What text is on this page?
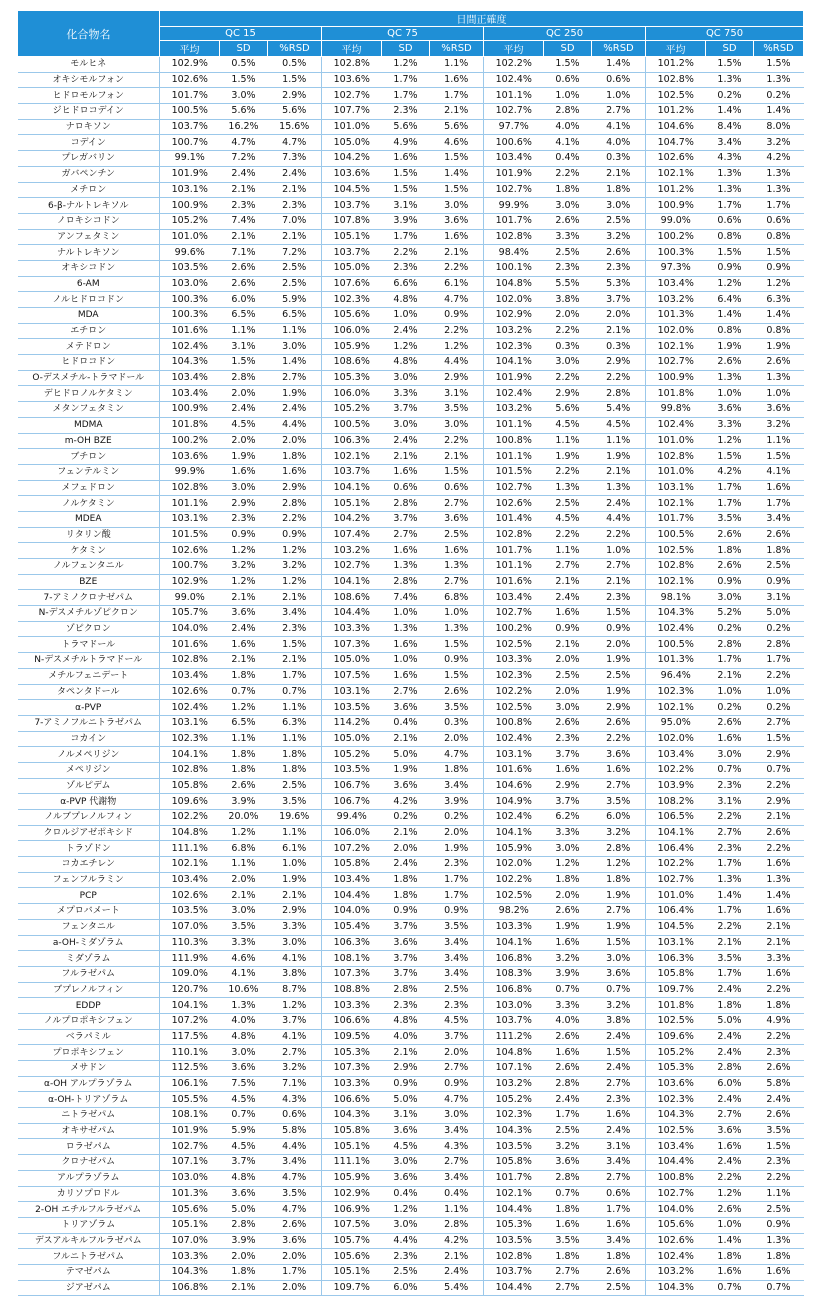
化合物名	日間正確度											
	QC 15			QC 75			QC 250			QC 750		
	平均	SD	%RSD	平均	SD	%RSD	平均	SD	%RSD	平均	SD	%RSD
モルヒネ	102.9%	0.5%	0.5%	102.8%	1.2%	1.1%	102.2%	1.5%	1.4%	101.2%	1.5%	1.5%
オキシモルフォン	102.6%	1.5%	1.5%	103.6%	1.7%	1.6%	102.4%	0.6%	0.6%	102.8%	1.3%	1.3%
ヒドロモルフォン	101.7%	3.0%	2.9%	102.7%	1.7%	1.7%	101.1%	1.0%	1.0%	102.5%	0.2%	0.2%
ジヒドロコデイン	100.5%	5.6%	5.6%	107.7%	2.3%	2.1%	102.7%	2.8%	2.7%	101.2%	1.4%	1.4%
ナロキソン	103.7%	16.2%	15.6%	101.0%	5.6%	5.6%	97.7%	4.0%	4.1%	104.6%	8.4%	8.0%
コデイン	100.7%	4.7%	4.7%	105.0%	4.9%	4.6%	100.6%	4.1%	4.0%	104.7%	3.4%	3.2%
プレガバリン	99.1%	7.2%	7.3%	104.2%	1.6%	1.5%	103.4%	0.4%	0.3%	102.6%	4.3%	4.2%
ガバペンチン	101.9%	2.4%	2.4%	103.6%	1.5%	1.4%	101.9%	2.2%	2.1%	102.1%	1.3%	1.3%
メチロン	103.1%	2.1%	2.1%	104.5%	1.5%	1.5%	102.7%	1.8%	1.8%	101.2%	1.3%	1.3%
6-β-ナルトレキソル	100.9%	2.3%	2.3%	103.7%	3.1%	3.0%	99.9%	3.0%	3.0%	100.9%	1.7%	1.7%
ノロキシコドン	105.2%	7.4%	7.0%	107.8%	3.9%	3.6%	101.7%	2.6%	2.5%	99.0%	0.6%	0.6%
アンフェタミン	101.0%	2.1%	2.1%	105.1%	1.7%	1.6%	102.8%	3.3%	3.2%	100.2%	0.8%	0.8%
ナルトレキソン	99.6%	7.1%	7.2%	103.7%	2.2%	2.1%	98.4%	2.5%	2.6%	100.3%	1.5%	1.5%
オキシコドン	103.5%	2.6%	2.5%	105.0%	2.3%	2.2%	100.1%	2.3%	2.3%	97.3%	0.9%	0.9%
6-AM	103.0%	2.6%	2.5%	107.6%	6.6%	6.1%	104.8%	5.5%	5.3%	103.4%	1.2%	1.2%
ノルヒドロコドン	100.3%	6.0%	5.9%	102.3%	4.8%	4.7%	102.0%	3.8%	3.7%	103.2%	6.4%	6.3%
MDA	100.3%	6.5%	6.5%	105.6%	1.0%	0.9%	102.9%	2.0%	2.0%	101.3%	1.4%	1.4%
エチロン	101.6%	1.1%	1.1%	106.0%	2.4%	2.2%	103.2%	2.2%	2.1%	102.0%	0.8%	0.8%
メテドロン	102.4%	3.1%	3.0%	105.9%	1.2%	1.2%	102.3%	0.3%	0.3%	102.1%	1.9%	1.9%
ヒドロコドン	104.3%	1.5%	1.4%	108.6%	4.8%	4.4%	104.1%	3.0%	2.9%	102.7%	2.6%	2.6%
O-デスメチル-トラマドール	103.4%	2.8%	2.7%	105.3%	3.0%	2.9%	101.9%	2.2%	2.2%	100.9%	1.3%	1.3%
デヒドロノルケタミン	103.4%	2.0%	1.9%	106.0%	3.3%	3.1%	102.4%	2.9%	2.8%	101.8%	1.0%	1.0%
メタンフェタミン	100.9%	2.4%	2.4%	105.2%	3.7%	3.5%	103.2%	5.6%	5.4%	99.8%	3.6%	3.6%
MDMA	101.8%	4.5%	4.4%	100.5%	3.0%	3.0%	101.1%	4.5%	4.5%	102.4%	3.3%	3.2%
m-OH BZE	100.2%	2.0%	2.0%	106.3%	2.4%	2.2%	100.8%	1.1%	1.1%	101.0%	1.2%	1.1%
ブチロン	103.6%	1.9%	1.8%	102.1%	2.1%	2.1%	101.1%	1.9%	1.9%	102.8%	1.5%	1.5%
フェンテルミン	99.9%	1.6%	1.6%	103.7%	1.6%	1.5%	101.5%	2.2%	2.1%	101.0%	4.2%	4.1%
メフェドロン	102.8%	3.0%	2.9%	104.1%	0.6%	0.6%	102.7%	1.3%	1.3%	103.1%	1.7%	1.6%
ノルケタミン	101.1%	2.9%	2.8%	105.1%	2.8%	2.7%	102.6%	2.5%	2.4%	102.1%	1.7%	1.7%
MDEA	103.1%	2.3%	2.2%	104.2%	3.7%	3.6%	101.4%	4.5%	4.4%	101.7%	3.5%	3.4%
リタリン酸	101.5%	0.9%	0.9%	107.4%	2.7%	2.5%	102.8%	2.2%	2.2%	100.5%	2.6%	2.6%
ケタミン	102.6%	1.2%	1.2%	103.2%	1.6%	1.6%	101.7%	1.1%	1.0%	102.5%	1.8%	1.8%
ノルフェンタニル	100.7%	3.2%	3.2%	102.7%	1.3%	1.3%	101.1%	2.7%	2.7%	102.8%	2.6%	2.5%
BZE	102.9%	1.2%	1.2%	104.1%	2.8%	2.7%	101.6%	2.1%	2.1%	102.1%	0.9%	0.9%
7-アミノクロナゼパム	99.0%	2.1%	2.1%	108.6%	7.4%	6.8%	103.4%	2.4%	2.3%	98.1%	3.0%	3.1%
N-デスメチルゾピクロン	105.7%	3.6%	3.4%	104.4%	1.0%	1.0%	102.7%	1.6%	1.5%	104.3%	5.2%	5.0%
ゾピクロン	104.0%	2.4%	2.3%	103.3%	1.3%	1.3%	100.2%	0.9%	0.9%	102.4%	0.2%	0.2%
トラマドール	101.6%	1.6%	1.5%	107.3%	1.6%	1.5%	102.5%	2.1%	2.0%	100.5%	2.8%	2.8%
N-デスメチルトラマドール	102.8%	2.1%	2.1%	105.0%	1.0%	0.9%	103.3%	2.0%	1.9%	101.3%	1.7%	1.7%
メチルフェニデート	103.4%	1.8%	1.7%	107.5%	1.6%	1.5%	102.3%	2.5%	2.5%	96.4%	2.1%	2.2%
タペンタドール	102.6%	0.7%	0.7%	103.1%	2.7%	2.6%	102.2%	2.0%	1.9%	102.3%	1.0%	1.0%
α-PVP	102.4%	1.2%	1.1%	103.5%	3.6%	3.5%	102.5%	3.0%	2.9%	102.1%	0.2%	0.2%
7-アミノフルニトラゼパム	103.1%	6.5%	6.3%	114.2%	0.4%	0.3%	100.8%	2.6%	2.6%	95.0%	2.6%	2.7%
コカイン	102.3%	1.1%	1.1%	105.0%	2.1%	2.0%	102.4%	2.3%	2.2%	102.0%	1.6%	1.5%
ノルメペリジン	104.1%	1.8%	1.8%	105.2%	5.0%	4.7%	103.1%	3.7%	3.6%	103.4%	3.0%	2.9%
メペリジン	102.8%	1.8%	1.8%	103.5%	1.9%	1.8%	101.6%	1.6%	1.6%	102.2%	0.7%	0.7%
ゾルピデム	105.8%	2.6%	2.5%	106.7%	3.6%	3.4%	104.6%	2.9%	2.7%	103.9%	2.3%	2.2%
α-PVP 代謝物	109.6%	3.9%	3.5%	106.7%	4.2%	3.9%	104.9%	3.7%	3.5%	108.2%	3.1%	2.9%
ノルブプレノルフィン	102.2%	20.0%	19.6%	99.4%	0.2%	0.2%	102.4%	6.2%	6.0%	106.5%	2.2%	2.1%
クロルジアゼポキシド	104.8%	1.2%	1.1%	106.0%	2.1%	2.0%	104.1%	3.3%	3.2%	104.1%	2.7%	2.6%
トラゾドン	111.1%	6.8%	6.1%	107.2%	2.0%	1.9%	105.9%	3.0%	2.8%	106.4%	2.3%	2.2%
コカエチレン	102.1%	1.1%	1.0%	105.8%	2.4%	2.3%	102.0%	1.2%	1.2%	102.2%	1.7%	1.6%
フェンフルラミン	103.4%	2.0%	1.9%	103.4%	1.8%	1.7%	102.2%	1.8%	1.8%	102.7%	1.3%	1.3%
PCP	102.6%	2.1%	2.1%	104.4%	1.8%	1.7%	102.5%	2.0%	1.9%	101.0%	1.4%	1.4%
メプロバメート	103.5%	3.0%	2.9%	104.0%	0.9%	0.9%	98.2%	2.6%	2.7%	106.4%	1.7%	1.6%
フェンタニル	107.0%	3.5%	3.3%	105.4%	3.7%	3.5%	103.3%	1.9%	1.9%	104.5%	2.2%	2.1%
a-OH-ミダゾラム	110.3%	3.3%	3.0%	106.3%	3.6%	3.4%	104.1%	1.6%	1.5%	103.1%	2.1%	2.1%
ミダゾラム	111.9%	4.6%	4.1%	108.1%	3.7%	3.4%	106.8%	3.2%	3.0%	106.3%	3.5%	3.3%
フルラゼパム	109.0%	4.1%	3.8%	107.3%	3.7%	3.4%	108.3%	3.9%	3.6%	105.8%	1.7%	1.6%
ブプレノルフィン	120.7%	10.6%	8.7%	108.8%	2.8%	2.5%	106.8%	0.7%	0.7%	109.7%	2.4%	2.2%
EDDP	104.1%	1.3%	1.2%	103.3%	2.3%	2.3%	103.0%	3.3%	3.2%	101.8%	1.8%	1.8%
ノルプロポキシフェン	107.2%	4.0%	3.7%	106.6%	4.8%	4.5%	103.7%	4.0%	3.8%	102.5%	5.0%	4.9%
ベラパミル	117.5%	4.8%	4.1%	109.5%	4.0%	3.7%	111.2%	2.6%	2.4%	109.6%	2.4%	2.2%
プロポキシフェン	110.1%	3.0%	2.7%	105.3%	2.1%	2.0%	104.8%	1.6%	1.5%	105.2%	2.4%	2.3%
メサドン	112.5%	3.6%	3.2%	107.3%	2.9%	2.7%	107.1%	2.6%	2.4%	105.3%	2.8%	2.6%
α-OH アルプラゾラム	106.1%	7.5%	7.1%	103.3%	0.9%	0.9%	103.2%	2.8%	2.7%	103.6%	6.0%	5.8%
α-OH-トリアゾラム	105.5%	4.5%	4.3%	106.6%	5.0%	4.7%	105.2%	2.4%	2.3%	102.3%	2.4%	2.4%
ニトラゼパム	108.1%	0.7%	0.6%	104.3%	3.1%	3.0%	102.3%	1.7%	1.6%	104.3%	2.7%	2.6%
オキサゼパム	101.9%	5.9%	5.8%	105.8%	3.6%	3.4%	104.3%	2.5%	2.4%	102.5%	3.6%	3.5%
ロラゼパム	102.7%	4.5%	4.4%	105.1%	4.5%	4.3%	103.5%	3.2%	3.1%	103.4%	1.6%	1.5%
クロナゼパム	107.1%	3.7%	3.4%	111.1%	3.0%	2.7%	105.8%	3.6%	3.4%	104.4%	2.4%	2.3%
アルプラゾラム	103.0%	4.8%	4.7%	105.9%	3.6%	3.4%	101.7%	2.8%	2.7%	100.8%	2.2%	2.2%
カリソプロドル	101.3%	3.6%	3.5%	102.9%	0.4%	0.4%	102.1%	0.7%	0.6%	102.7%	1.2%	1.1%
2-OH エチルフルラゼパム	105.6%	5.0%	4.7%	106.9%	1.2%	1.1%	104.4%	1.8%	1.7%	104.0%	2.6%	2.5%
トリアゾラム	105.1%	2.8%	2.6%	107.5%	3.0%	2.8%	105.3%	1.6%	1.6%	105.6%	1.0%	0.9%
デスアルキルフルラゼパム	107.0%	3.9%	3.6%	105.7%	4.4%	4.2%	103.5%	3.5%	3.4%	102.6%	1.4%	1.3%
フルニトラゼパム	103.3%	2.0%	2.0%	105.6%	2.3%	2.1%	102.8%	1.8%	1.8%	102.4%	1.8%	1.8%
テマゼパム	104.3%	1.8%	1.7%	105.1%	2.5%	2.4%	103.7%	2.7%	2.6%	103.2%	1.6%	1.6%
ジアゼパム	106.8%	2.1%	2.0%	109.7%	6.0%	5.4%	104.4%	2.7%	2.5%	104.3%	0.7%	0.7%
